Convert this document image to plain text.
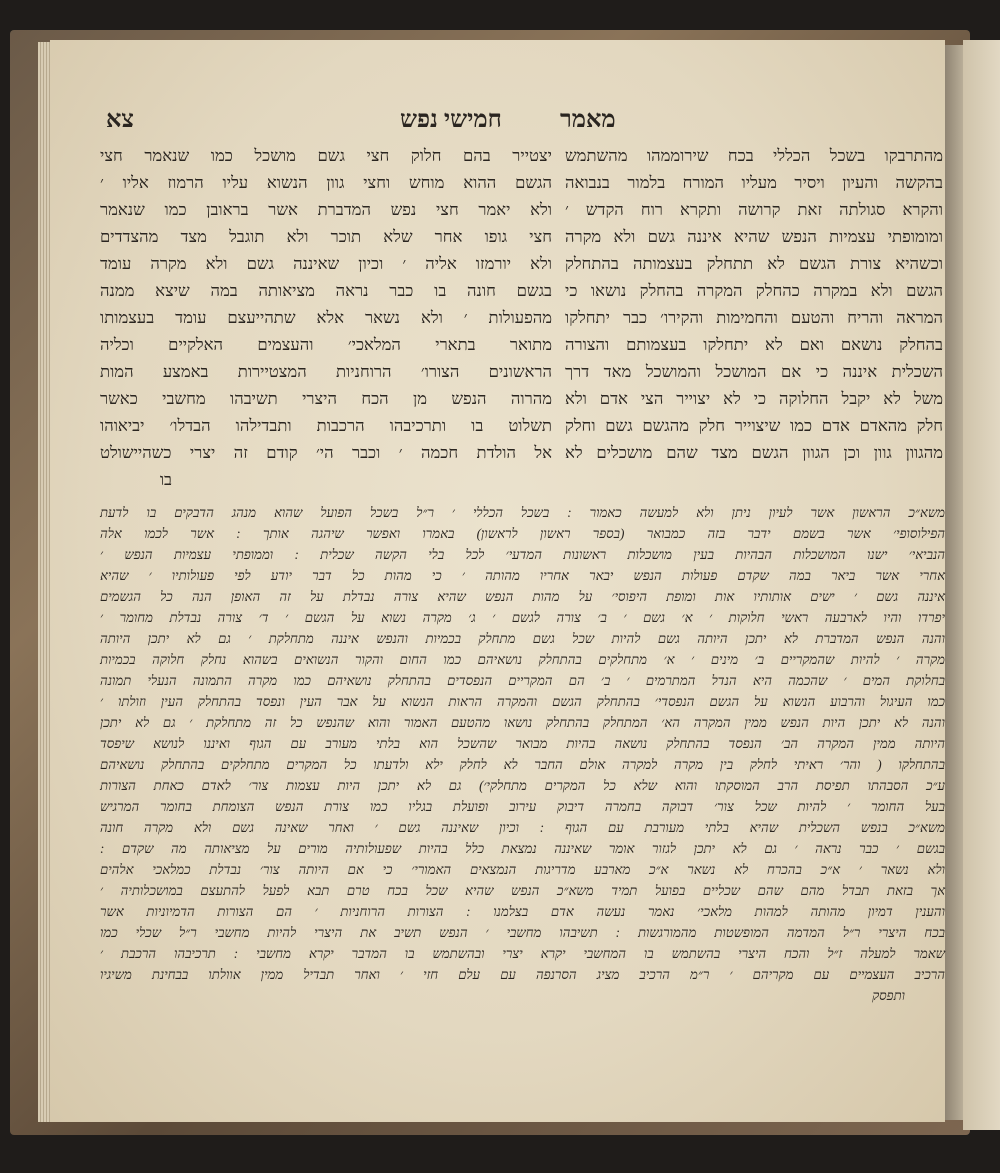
מאמר
חמישי נפש
צא
מהתרבקו בשכל הכללי בכח שירוממהו מהשתמש
בהקשה והעיון ויסיר מעליו המורח בלמור בנבואה
והקרא סגולתה זאת קרושה ותקרא רוח הקדש ׳
ומומופתי עצמיות הנפש שהיא איננה גשם ולא מקרה
וכשהיא צורת הגשם לא תתחלק בעצמותה בהתחלק
הגשם ולא במקרה כהחלק המקרה בהחלק נושאו כי
המראה והריח והטעם והחמימות והקירו׳ כבר יתחלקו
בהחלק נושאם ואם לא יתחלקו בעצמותם והצורה
השכלית איננה כי אם המושכל והמושכל מאד דרך
משל לא יקבל החלוקה כי לא יצוייר הצי אדם ולא
חלק מהאדם אדם כמו שיצוייר חלק מהגשם גשם וחלק
מהגוון גוון וכן הגוון הגשם מצד שהם מושכלים לא
יצטייר בהם חלוק חצי גשם מושכל כמו שנאמר חצי
הגשם ההוא מוחש וחצי גוון הנשוא עליו הרמוז אליו ׳
ולא יאמר חצי נפש המדברת אשר בראובן כמו שנאמר
חצי גופו אחר שלא תוכר ולא תוגבל מצד מהצדדים
ולא יורמזו אליה ׳ וכיון שאיננה גשם ולא מקרה עומד
בגשם חונה בו כבר נראה מציאותה במה שיצא ממנה
מהפעולות ׳ ולא נשאר אלא שתהייעצם עומד בעצמותו
מתואר בתארי המלאכי׳ והעצמים האלקיים וכליה
הראשונים הצורו׳ הרוחניות המצטיירות באמצע המות
מהרוה הנפש מן הכח היצרי תשיבהו מחשבי כאשר
תשלוט בו ותרכיבהו הרכבות ותבדילהו הבדלו׳ יביאוהו
אל הולדת חכמה ׳ וכבר הי׳ קודם זה יצרי כשהיישולט
בו
משא״כ הראשון אשר לעיון ניתן ולא למעשה כאמור : בשכל הכללי ׳ ר״ל בשכל הפועל שהוא מנהג הדבקים בו לדעת
הפילוסופי׳ אשר בשמם ידבר בזה כמבואר (בספר ראשון לראשון) באמרו ואפשר שיהגה אותך : אשר לכמו אלה
הנביאי׳ ישנו המושכלות הבהיות בעין מושכלות ראשונות המדעי׳ לכל בלי הקשה שכלית : וממופתי עצמיות הנפש ׳
אחרי אשר ביאר במה שקדם פעולות הנפש יבאר אחריו מהותה ׳ כי מהות כל דבר יודע לפי פעולותיו ׳ שהיא
איננה גשם ׳ ישים אותותיו אות ומופת היפוסי׳ על מהות הנפש שהיא צורה נבדלת על זה האופן הנה כל הגשמים
יפרדו והיו לארבעה ראשי חלוקות ׳ א׳ גשם ׳ ב׳ צורה לגשם ׳ ג׳ מקרה נשוא על הגשם ׳ ד׳ צורה נבדלת מחומר ׳
והנה הנפש המדברת לא יתכן היותה גשם להיות שכל גשם מתחלק בכמיות והנפש איננה מתחלקת ׳ גם לא יתכן היותה
מקרה ׳ להיות שהמקריים ב׳ מינים ׳ א׳ מתחלקים בהתחלק נושאיהם כמו החום והקור הנשואים בשהוא נחלק חלוקה בכמיות
בחלוקת המים ׳ שהכמה היא הנדל המתרמים ׳ ב׳ הם המקריים הנפסדים בהתחלק נושאיהם כמו מקרה התמונה הנעלי תמונה
כמו העיגול והרבוע הנשוא על הגשם הנפסדי׳ בהתחלק הגשם והמקרה הראות הנשוא על אבר העין ונפסד בהתחלק העין וזולתו ׳
והנה לא יתכן היות הנפש ממין המקרה הא׳ המתחלק בהתחלק נושאו מהטעם האמור והוא שהנפש כל זה מתחלקת ׳ גם לא יתכן
היותה ממין המקרה הב׳ הנפסד בהתחלק נושאה בהיות מבואר שהשכל הוא בלתי מעורב עם הגוף ואיננו לנושא שיפסד
בהתחלקו ( והר׳ ראיתי לחלק בין מקרה למקרה אולם החבר לא לחלק ילא ולדעתו כל המקרים מתחלקים בהתחלק נושאיהם
ע״כ הסבהתו תפיסת הרב המוסקתו והוא שלא כל המקרים מתחלקי׳) גם לא יתכן היות עצמות צור׳ לאדם כאחת הצורות
בעל החומר ׳ להיות שכל צור׳ דבוקה בחמרה דיבוק עירוב ופועלת בגליו כמו צורת הנפש הצומחת בחומר המרגיש
משא״כ בנפש השכלית שהיא בלתי מעורבת עם הגוף : וכיון שאיננה גשם ׳ ואחר שאינה גשם ולא מקרה חונה
בגשם ׳ כבר נראה ׳ גם לא יתכן לגזור אומר שאיננה נמצאת כלל בהיות שפעולותיה מורים על מציאותה מה שקדם :
ולא נשאר ׳ א״כ בהכרח לא נשאר א״כ מארבע מדריגות הנמצאים האמורי׳ כי אם היותה צור׳ נבדלת כמלאכי אלהים
אך בזאת תבדל מהם שהם שכליים בפועל תמיד משא״כ הנפש שהיא שכל בכח טרם תבא לפעל להתעצם במושכלותיה ׳
והענין דמיון מהותה למהות מלאכי׳ נאמר נעשה אדם בצלמנו : הצורות הרוחניות ׳ הם הצורות הדמיוניות אשר
בכח היצרי ר״ל המדמה המופשטות מהמורגשות : תשיבהו מחשבי ׳ הנפש תשיב את היצרי להיות מחשבי ר״ל שכלי כמו
שאמר למעלה ז״ל והכח היצרי בהשתמש בו המחשבי יקרא יצרי ובהשתמש בו המדבר יקרא מחשבי : תרכיבהו הרכבת ׳
הרכיב העצמיים עם מקריהם ׳ ר״מ הרכיב מציג הסרנפה עם עלם חזי ׳ ואחר תבדיל ממין אוולתו בבחינת משיגיו
ותפסק
